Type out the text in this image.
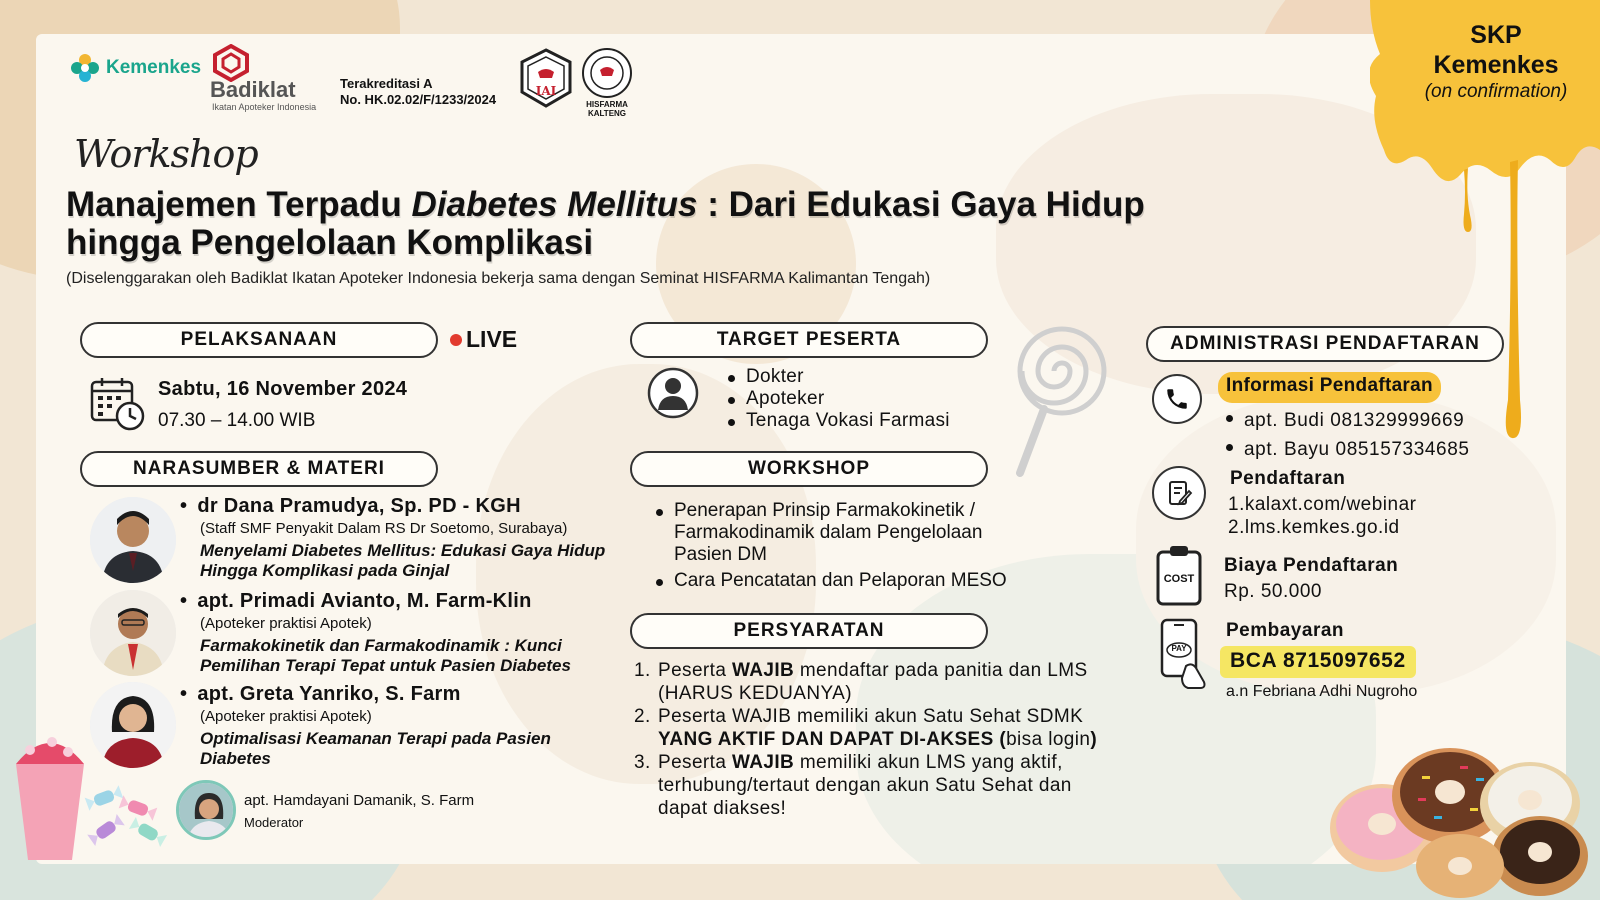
Kemenkes
Badiklat
Ikatan Apoteker Indonesia
Terakreditasi A
No. HK.02.02/F/1233/2024
IAI
HISFARMA KALTENG
SKP
Kemenkes
(on confirmation)
Workshop
Manajemen Terpadu Diabetes Mellitus : Dari Edukasi Gaya Hidup
hingga Pengelolaan Komplikasi
(Diselenggarakan oleh Badiklat Ikatan Apoteker Indonesia bekerja sama dengan Seminat HISFARMA Kalimantan Tengah)
PELAKSANAAN	LIVE
Sabtu, 16 November 2024
07.30 – 14.00 WIB
NARASUMBER & MATERI
• dr Dana Pramudya, Sp. PD - KGH
(Staff SMF Penyakit Dalam RS Dr Soetomo, Surabaya)
Menyelami Diabetes Mellitus: Edukasi Gaya Hidup Hingga Komplikasi pada Ginjal
• apt. Primadi Avianto, M. Farm-Klin
(Apoteker praktisi Apotek)
Farmakokinetik dan Farmakodinamik : Kunci Pemilihan Terapi Tepat untuk Pasien Diabetes
• apt. Greta Yanriko, S. Farm
(Apoteker praktisi Apotek)
Optimalisasi Keamanan Terapi pada Pasien Diabetes
apt. Hamdayani Damanik, S. Farm
Moderator
TARGET PESERTA
Dokter
Apoteker
Tenaga Vokasi Farmasi
WORKSHOP
Penerapan Prinsip Farmakokinetik / Farmakodinamik dalam Pengelolaan Pasien DM
Cara Pencatatan dan Pelaporan MESO
PERSYARATAN
1. Peserta WAJIB mendaftar pada panitia dan LMS (HARUS KEDUANYA)
2. Peserta WAJIB memiliki akun Satu Sehat SDMK YANG AKTIF DAN DAPAT DI-AKSES (bisa login)
3. Peserta WAJIB memiliki akun LMS yang aktif, terhubung/tertaut dengan akun Satu Sehat dan dapat diakses!
ADMINISTRASI PENDAFTARAN
Informasi Pendaftaran
apt. Budi 081329999669
apt. Bayu 085157334685
Pendaftaran
1.kalaxt.com/webinar
2.lms.kemkes.go.id
COST
Biaya Pendaftaran
Rp. 50.000
PAY
Pembayaran
BCA 8715097652
a.n Febriana Adhi Nugroho
